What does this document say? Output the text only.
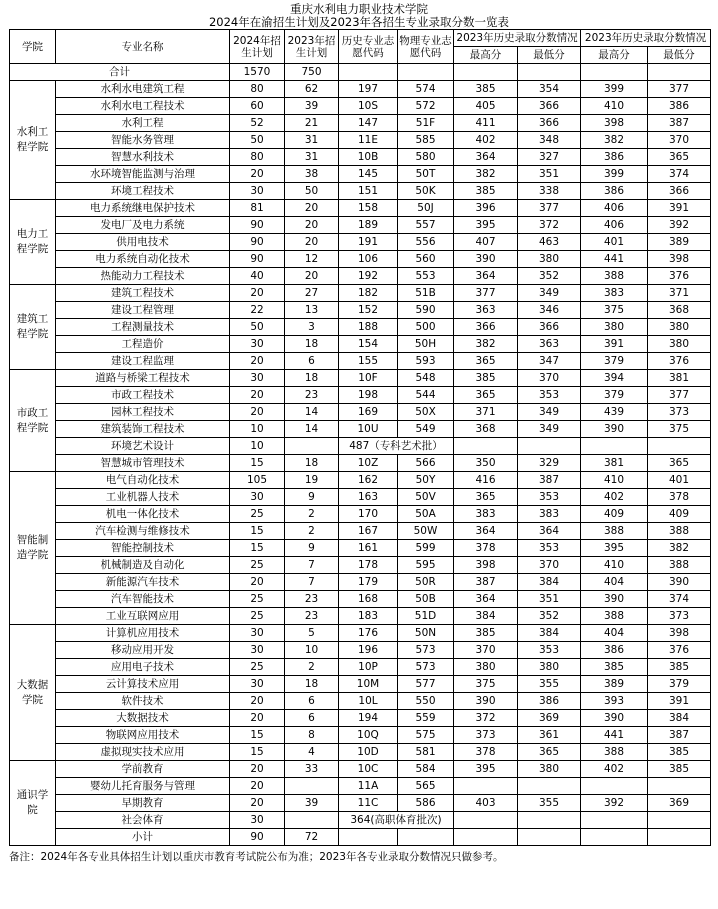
重庆水利电力职业技术学院
2024年在渝招生计划及2023年各招生专业录取分数一览表
学院	专业名称	2024年招生计划	2023年招生计划	历史专业志愿代码	物理专业志愿代码	2023年历史录取分数情况		2023年历史录取分数情况	
						最高分	最低分	最高分	最低分
合计		1570	750						
水利工程学院	水利水电建筑工程	80	62	197	574	385	354	399	377
	水利水电工程技术	60	39	10S	572	405	366	410	386
	水利工程	52	21	147	51F	411	366	398	387
	智能水务管理	50	31	11E	585	402	348	382	370
	智慧水利技术	80	31	10B	580	364	327	386	365
	水环境智能监测与治理	20	38	145	50T	382	351	399	374
	环境工程技术	30	50	151	50K	385	338	386	366
电力工程学院	电力系统继电保护技术	81	20	158	50J	396	377	406	391
	发电厂及电力系统	90	20	189	557	395	372	406	392
	供用电技术	90	20	191	556	407	463	401	389
	电力系统自动化技术	90	12	106	560	390	380	441	398
	热能动力工程技术	40	20	192	553	364	352	388	376
建筑工程学院	建筑工程技术	20	27	182	51B	377	349	383	371
	建设工程管理	22	13	152	590	363	346	375	368
	工程测量技术	50	3	188	500	366	366	380	380
	工程造价	30	18	154	50H	382	363	391	380
	建设工程监理	20	6	155	593	365	347	379	376
市政工程学院	道路与桥梁工程技术	30	18	10F	548	385	370	394	381
	市政工程技术	20	23	198	544	365	353	379	377
	园林工程技术	20	14	169	50X	371	349	439	373
	建筑装饰工程技术	10	14	10U	549	368	349	390	375
	环境艺术设计	10		487（专科艺术批）					
	智慧城市管理技术	15	18	10Z	566	350	329	381	365
智能制造学院	电气自动化技术	105	19	162	50Y	416	387	410	401
	工业机器人技术	30	9	163	50V	365	353	402	378
	机电一体化技术	25	2	170	50A	383	383	409	409
	汽车检测与维修技术	15	2	167	50W	364	364	388	388
	智能控制技术	15	9	161	599	378	353	395	382
	机械制造及自动化	25	7	178	595	398	370	410	388
	新能源汽车技术	20	7	179	50R	387	384	404	390
	汽车智能技术	25	23	168	50B	364	351	390	374
	工业互联网应用	25	23	183	51D	384	352	388	373
大数据学院	计算机应用技术	30	5	176	50N	385	384	404	398
	移动应用开发	30	10	196	573	370	353	386	376
	应用电子技术	25	2	10P	573	380	380	385	385
	云计算技术应用	30	18	10M	577	375	355	389	379
	软件技术	20	6	10L	550	390	386	393	391
	大数据技术	20	6	194	559	372	369	390	384
	物联网应用技术	15	8	10Q	575	373	361	441	387
	虚拟现实技术应用	15	4	10D	581	378	365	388	385
通识学院	学前教育	20	33	10C	584	395	380	402	385
	婴幼儿托育服务与管理	20		11A	565				
	早期教育	20	39	11C	586	403	355	392	369
	社会体育	30		364(高职体育批次)					
	小计	90	72						
备注：2024年各专业具体招生计划以重庆市教育考试院公布为准；2023年各专业录取分数情况只做参考。
